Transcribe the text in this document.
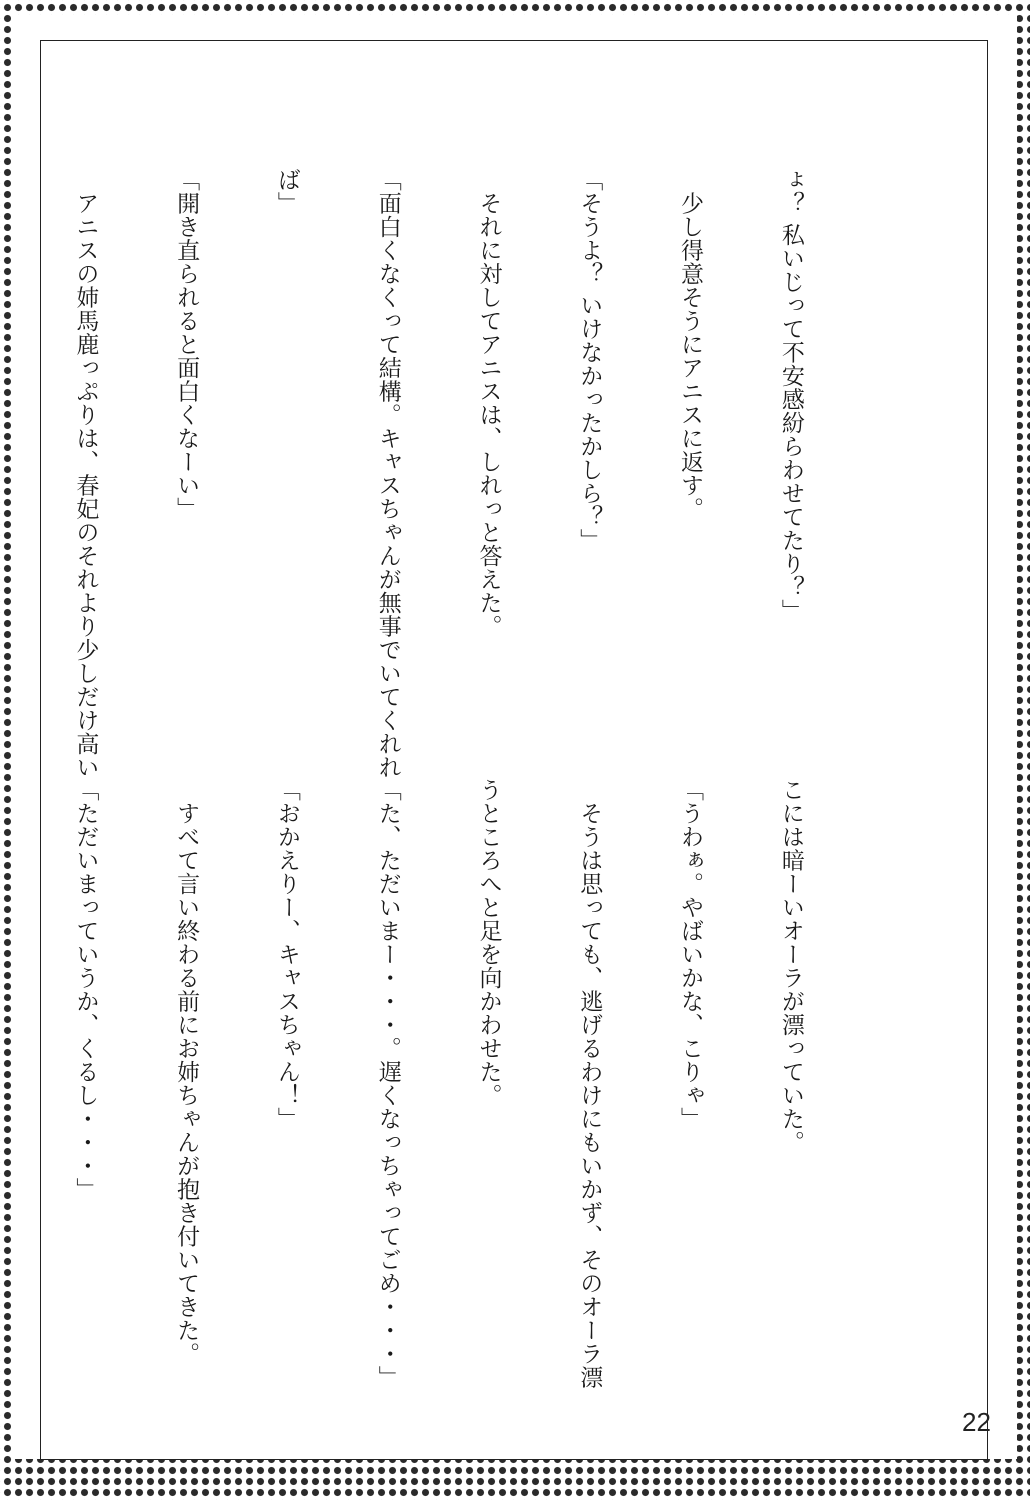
ょ？ 私いじって不安感紛らわせてたり？」

　少し得意そうにアニスに返す。

「そうよ？ いけなかったかしら？」

　それに対してアニスは、しれっと答えた。

「面白くなくって結構。キャスちゃんが無事でいてくれれ

ば」

「開き直られると面白くなーい」

　アニスの姉馬鹿っぷりは、春妃のそれより少しだけ高い

こには暗ーいオーラが漂っていた。

「うわぁ。やばいかな、こりゃ」

　そうは思っても、逃げるわけにもいかず、そのオーラ漂

うところへと足を向かわせた。

「た、ただいまー・・・。遅くなっちゃってごめ・・・」

「おかえりー、キャスちゃん！」

　すべて言い終わる前にお姉ちゃんが抱き付いてきた。

「ただいまっていうか、くるし・・・」

22
